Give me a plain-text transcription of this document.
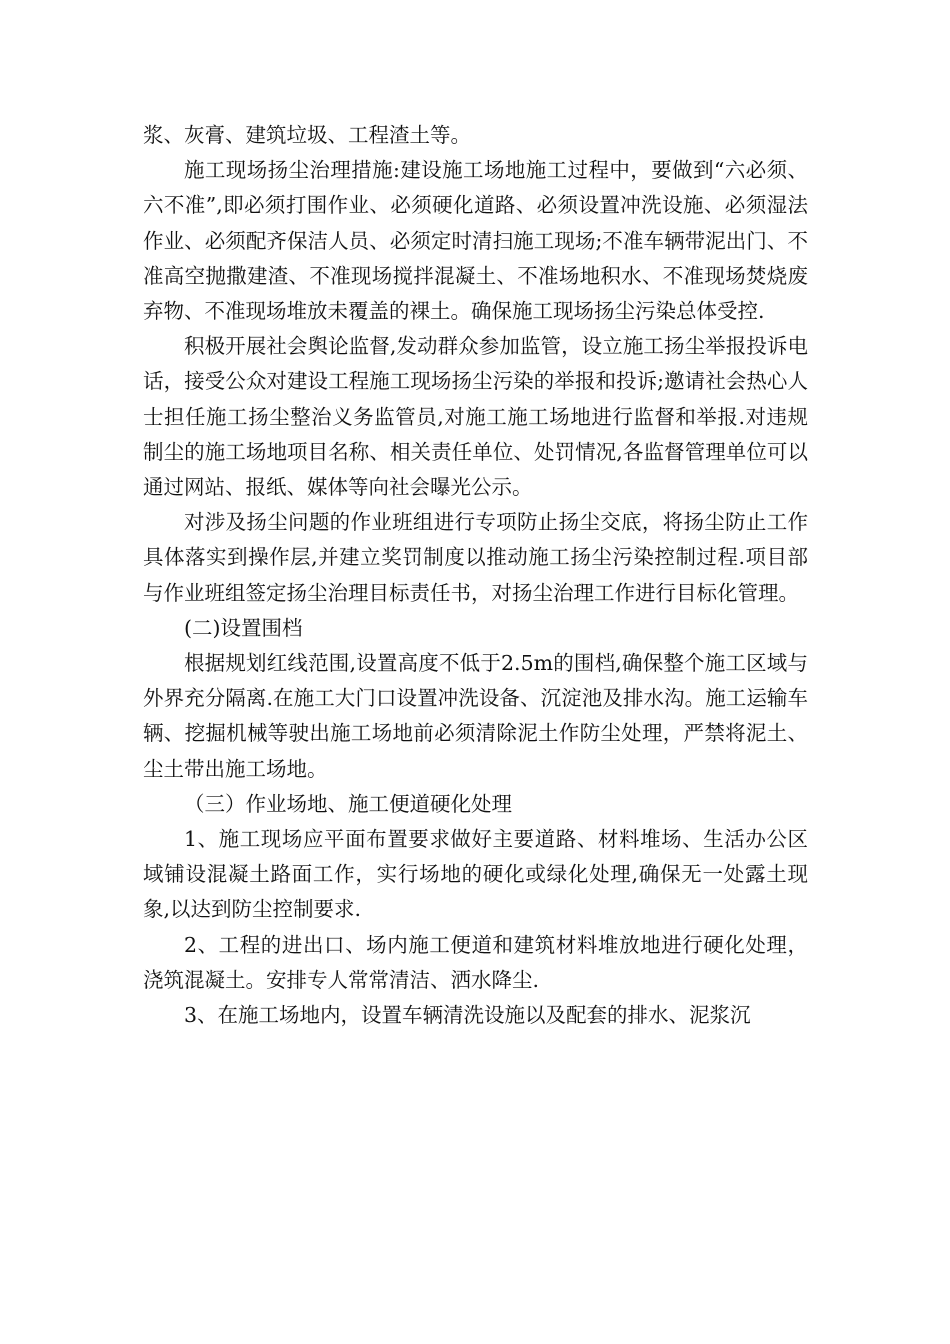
浆、灰膏、建筑垃圾、工程渣土等。

施工现场扬尘治理措施:建设施工场地施工过程中，要做到“六必须、六不准”,即必须打围作业、必须硬化道路、必须设置冲洗设施、必须湿法作业、必须配齐保洁人员、必须定时清扫施工现场;不准车辆带泥出门、不准高空抛撒建渣、不准现场搅拌混凝土、不准场地积水、不准现场焚烧废弃物、不准现场堆放未覆盖的裸土。确保施工现场扬尘污染总体受控.

积极开展社会舆论监督,发动群众参加监管，设立施工扬尘举报投诉电话，接受公众对建设工程施工现场扬尘污染的举报和投诉;邀请社会热心人士担任施工扬尘整治义务监管员,对施工施工场地进行监督和举报.对违规制尘的施工场地项目名称、相关责任单位、处罚情况,各监督管理单位可以通过网站、报纸、媒体等向社会曝光公示。

对涉及扬尘问题的作业班组进行专项防止扬尘交底，将扬尘防止工作具体落实到操作层,并建立奖罚制度以推动施工扬尘污染控制过程.项目部与作业班组签定扬尘治理目标责任书，对扬尘治理工作进行目标化管理。

(二)设置围档

根据规划红线范围,设置高度不低于2.5m的围档,确保整个施工区域与外界充分隔离.在施工大门口设置冲洗设备、沉淀池及排水沟。施工运输车辆、挖掘机械等驶出施工场地前必须清除泥土作防尘处理，严禁将泥土、尘土带出施工场地。

（三）作业场地、施工便道硬化处理

1、施工现场应平面布置要求做好主要道路、材料堆场、生活办公区域铺设混凝土路面工作，实行场地的硬化或绿化处理,确保无一处露土现象,以达到防尘控制要求.

2、工程的进出口、场内施工便道和建筑材料堆放地进行硬化处理，浇筑混凝土。安排专人常常清洁、洒水降尘.

3、在施工场地内，设置车辆清洗设施以及配套的排水、泥浆沉
